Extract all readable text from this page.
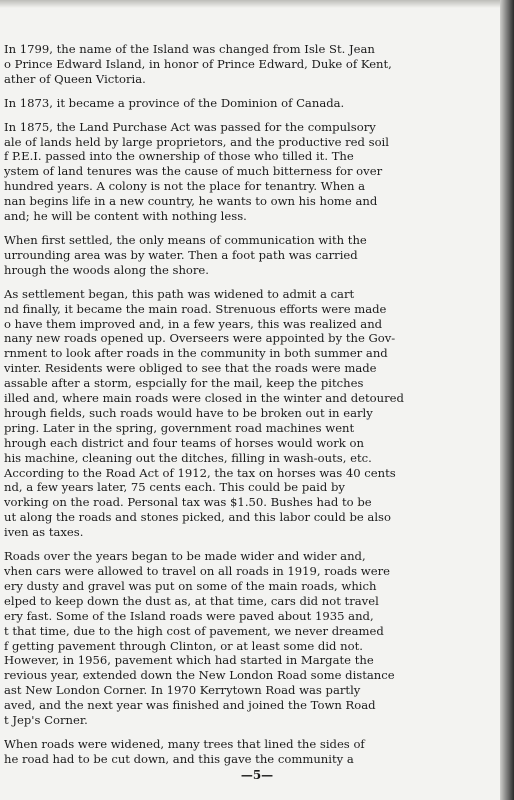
In 1799, the name of the Island was changed from Isle St. Jean
o Prince Edward Island, in honor of Prince Edward, Duke of Kent,
ather of Queen Victoria.

In 1873, it became a province of the Dominion of Canada.

In 1875, the Land Purchase Act was passed for the compulsory
ale of lands held by large proprietors, and the productive red soil
f P.E.I. passed into the ownership of those who tilled it. The
ystem of land tenures was the cause of much bitterness for over
hundred years. A colony is not the place for tenantry. When a
nan begins life in a new country, he wants to own his home and
and; he will be content with nothing less.

When first settled, the only means of communication with the
urrounding area was by water. Then a foot path was carried
hrough the woods along the shore.

As settlement began, this path was widened to admit a cart
nd finally, it became the main road. Strenuous efforts were made
o have them improved and, in a few years, this was realized and
nany new roads opened up. Overseers were appointed by the Gov-
rnment to look after roads in the community in both summer and
vinter. Residents were obliged to see that the roads were made
assable after a storm, espcially for the mail, keep the pitches
illed and, where main roads were closed in the winter and detoured
hrough fields, such roads would have to be broken out in early
pring. Later in the spring, government road machines went
hrough each district and four teams of horses would work on
his machine, cleaning out the ditches, filling in wash-outs, etc.
According to the Road Act of 1912, the tax on horses was 40 cents
nd, a few years later, 75 cents each. This could be paid by
vorking on the road. Personal tax was $1.50. Bushes had to be
ut along the roads and stones picked, and this labor could be also
iven as taxes.

Roads over the years began to be made wider and wider and,
vhen cars were allowed to travel on all roads in 1919, roads were
ery dusty and gravel was put on some of the main roads, which
elped to keep down the dust as, at that time, cars did not travel
ery fast. Some of the Island roads were paved about 1935 and,
t that time, due to the high cost of pavement, we never dreamed
f getting pavement through Clinton, or at least some did not.
However, in 1956, pavement which had started in Margate the
revious year, extended down the New London Road some distance
ast New London Corner. In 1970 Kerrytown Road was partly
aved, and the next year was finished and joined the Town Road
t Jep's Corner.

When roads were widened, many trees that lined the sides of
he road had to be cut down, and this gave the community a

—5—
